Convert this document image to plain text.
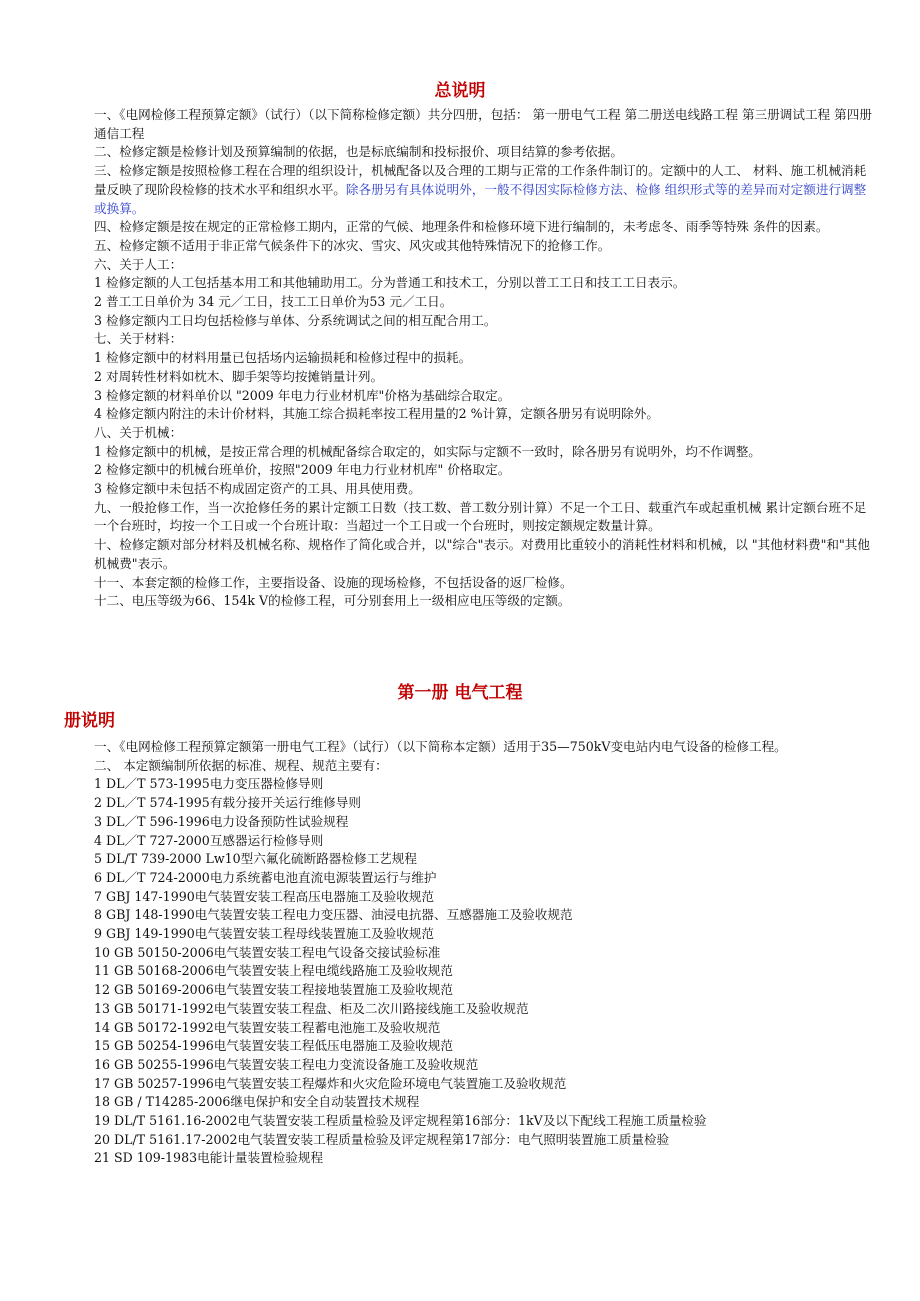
总说明

一、《电网检修工程预算定额》（试行）（以下简称检修定额）共分四册，包括： 第一册电气工程 第二册送电线路工程 第三册调试工程 第四册通信工程

二、检修定额是检修计划及预算编制的依据，也是标底编制和投标报价、项目结算的参考依据。

三、检修定额是按照检修工程在合理的组织设计，机械配备以及合理的工期与正常的工作条件制订的。定额中的人工、 材料、施工机械消耗量反映了现阶段检修的技术水平和组织水平。除各册另有具体说明外，一般不得因实际检修方法、检修 组织形式等的差异而对定额进行调整或换算。

四、检修定额是按在规定的正常检修工期内，正常的气候、地理条件和检修环境下进行编制的，未考虑冬、雨季等特殊 条件的因素。

五、检修定额不适用于非正常气候条件下的冰灾、雪灾、风灾或其他特殊情况下的抢修工作。

六、关于人工：

1 检修定额的人工包括基本用工和其他辅助用工。分为普通工和技术工，分别以普工工日和技工工日表示。

2 普工工日单价为 34 元／工日，技工工日单价为53 元／工日。

3 检修定额内工日均包括检修与单体、分系统调试之间的相互配合用工。

七、关于材料：

1 检修定额中的材料用量已包括场内运输损耗和检修过程中的损耗。

2 对周转性材料如枕木、脚手架等均按摊销量计列。

3 检修定额的材料单价以 "2009 年电力行业材机库"价格为基础综合取定。

4 检修定额内附注的未计价材料，其施工综合损耗率按工程用量的2 %计算，定额各册另有说明除外。

八、关于机械：

1 检修定额中的机械，是按正常合理的机械配备综合取定的，如实际与定额不一致时，除各册另有说明外，均不作调整。

2 检修定额中的机械台班单价，按照"2009 年电力行业材机库" 价格取定。

3 检修定额中未包括不构成固定资产的工具、用具使用费。

九、一般抢修工作，当一次抢修任务的累计定额工日数（技工数、普工数分别计算）不足一个工日、载重汽车或起重机械 累计定额台班不足一个台班时，均按一个工日或一个台班计取：当超过一个工日或一个台班时，则按定额规定数量计算。

十、检修定额对部分材料及机械名称、规格作了简化或合并，以"综合"表示。对费用比重较小的消耗性材料和机械，以 "其他材料费"和"其他机械费"表示。

十一、本套定额的检修工作，主要指设备、设施的现场检修，不包括设备的返厂检修。

十二、电压等级为66、154k V的检修工程，可分别套用上一级相应电压等级的定额。

第一册 电气工程
册说明

一、《电网检修工程预算定额第一册电气工程》（试行）（以下简称本定额）适用于35—750kV变电站内电气设备的检修工程。

二、 本定额编制所依据的标准、规程、规范主要有：

1 DL／T 573-1995电力变压器检修导则

2 DL／T 574-1995有载分接开关运行维修导则

3 DL／T 596-1996电力设备预防性试验规程

4 DL／T 727-2000互感器运行检修导则

5 DL/T 739-2000 Lw10型六氟化硫断路器检修工艺规程

6 DL／T 724-2000电力系统蓄电池直流电源装置运行与维护

7 GBJ 147-1990电气装置安装工程高压电器施工及验收规范

8 GBJ 148-1990电气装置安装工程电力变压器、油浸电抗器、互感器施工及验收规范

9 GBJ 149-1990电气装置安装工程母线装置施工及验收规范

10 GB 50150-2006电气装置安装工程电气设备交接试验标准

11 GB 50168-2006电气装置安装上程电缆线路施工及验收规范

12 GB 50169-2006电气装置安装工程接地装置施工及验收规范

13 GB 50171-1992电气装置安装工程盘、柜及二次川路接线施工及验收规范

14 GB 50172-1992电气装置安装工程蓄电池施工及验收规范

15 GB 50254-1996电气装置安装工程低压电器施工及验收规范

16 GB 50255-1996电气装置安装工程电力变流设备施工及验收规范

17 GB 50257-1996电气装置安装工程爆炸和火灾危险环境电气装置施工及验收规范

18 GB / T14285-2006继电保护和安全自动装置技术规程

19 DL/T 5161.16-2002电气装置安装工程质量检验及评定规程第16部分：1kV及以下配线工程施工质量检验

20 DL/T 5161.17-2002电气装置安装工程质量检验及评定规程第17部分：电气照明装置施工质量检验

21 SD 109-1983电能计量装置检验规程
